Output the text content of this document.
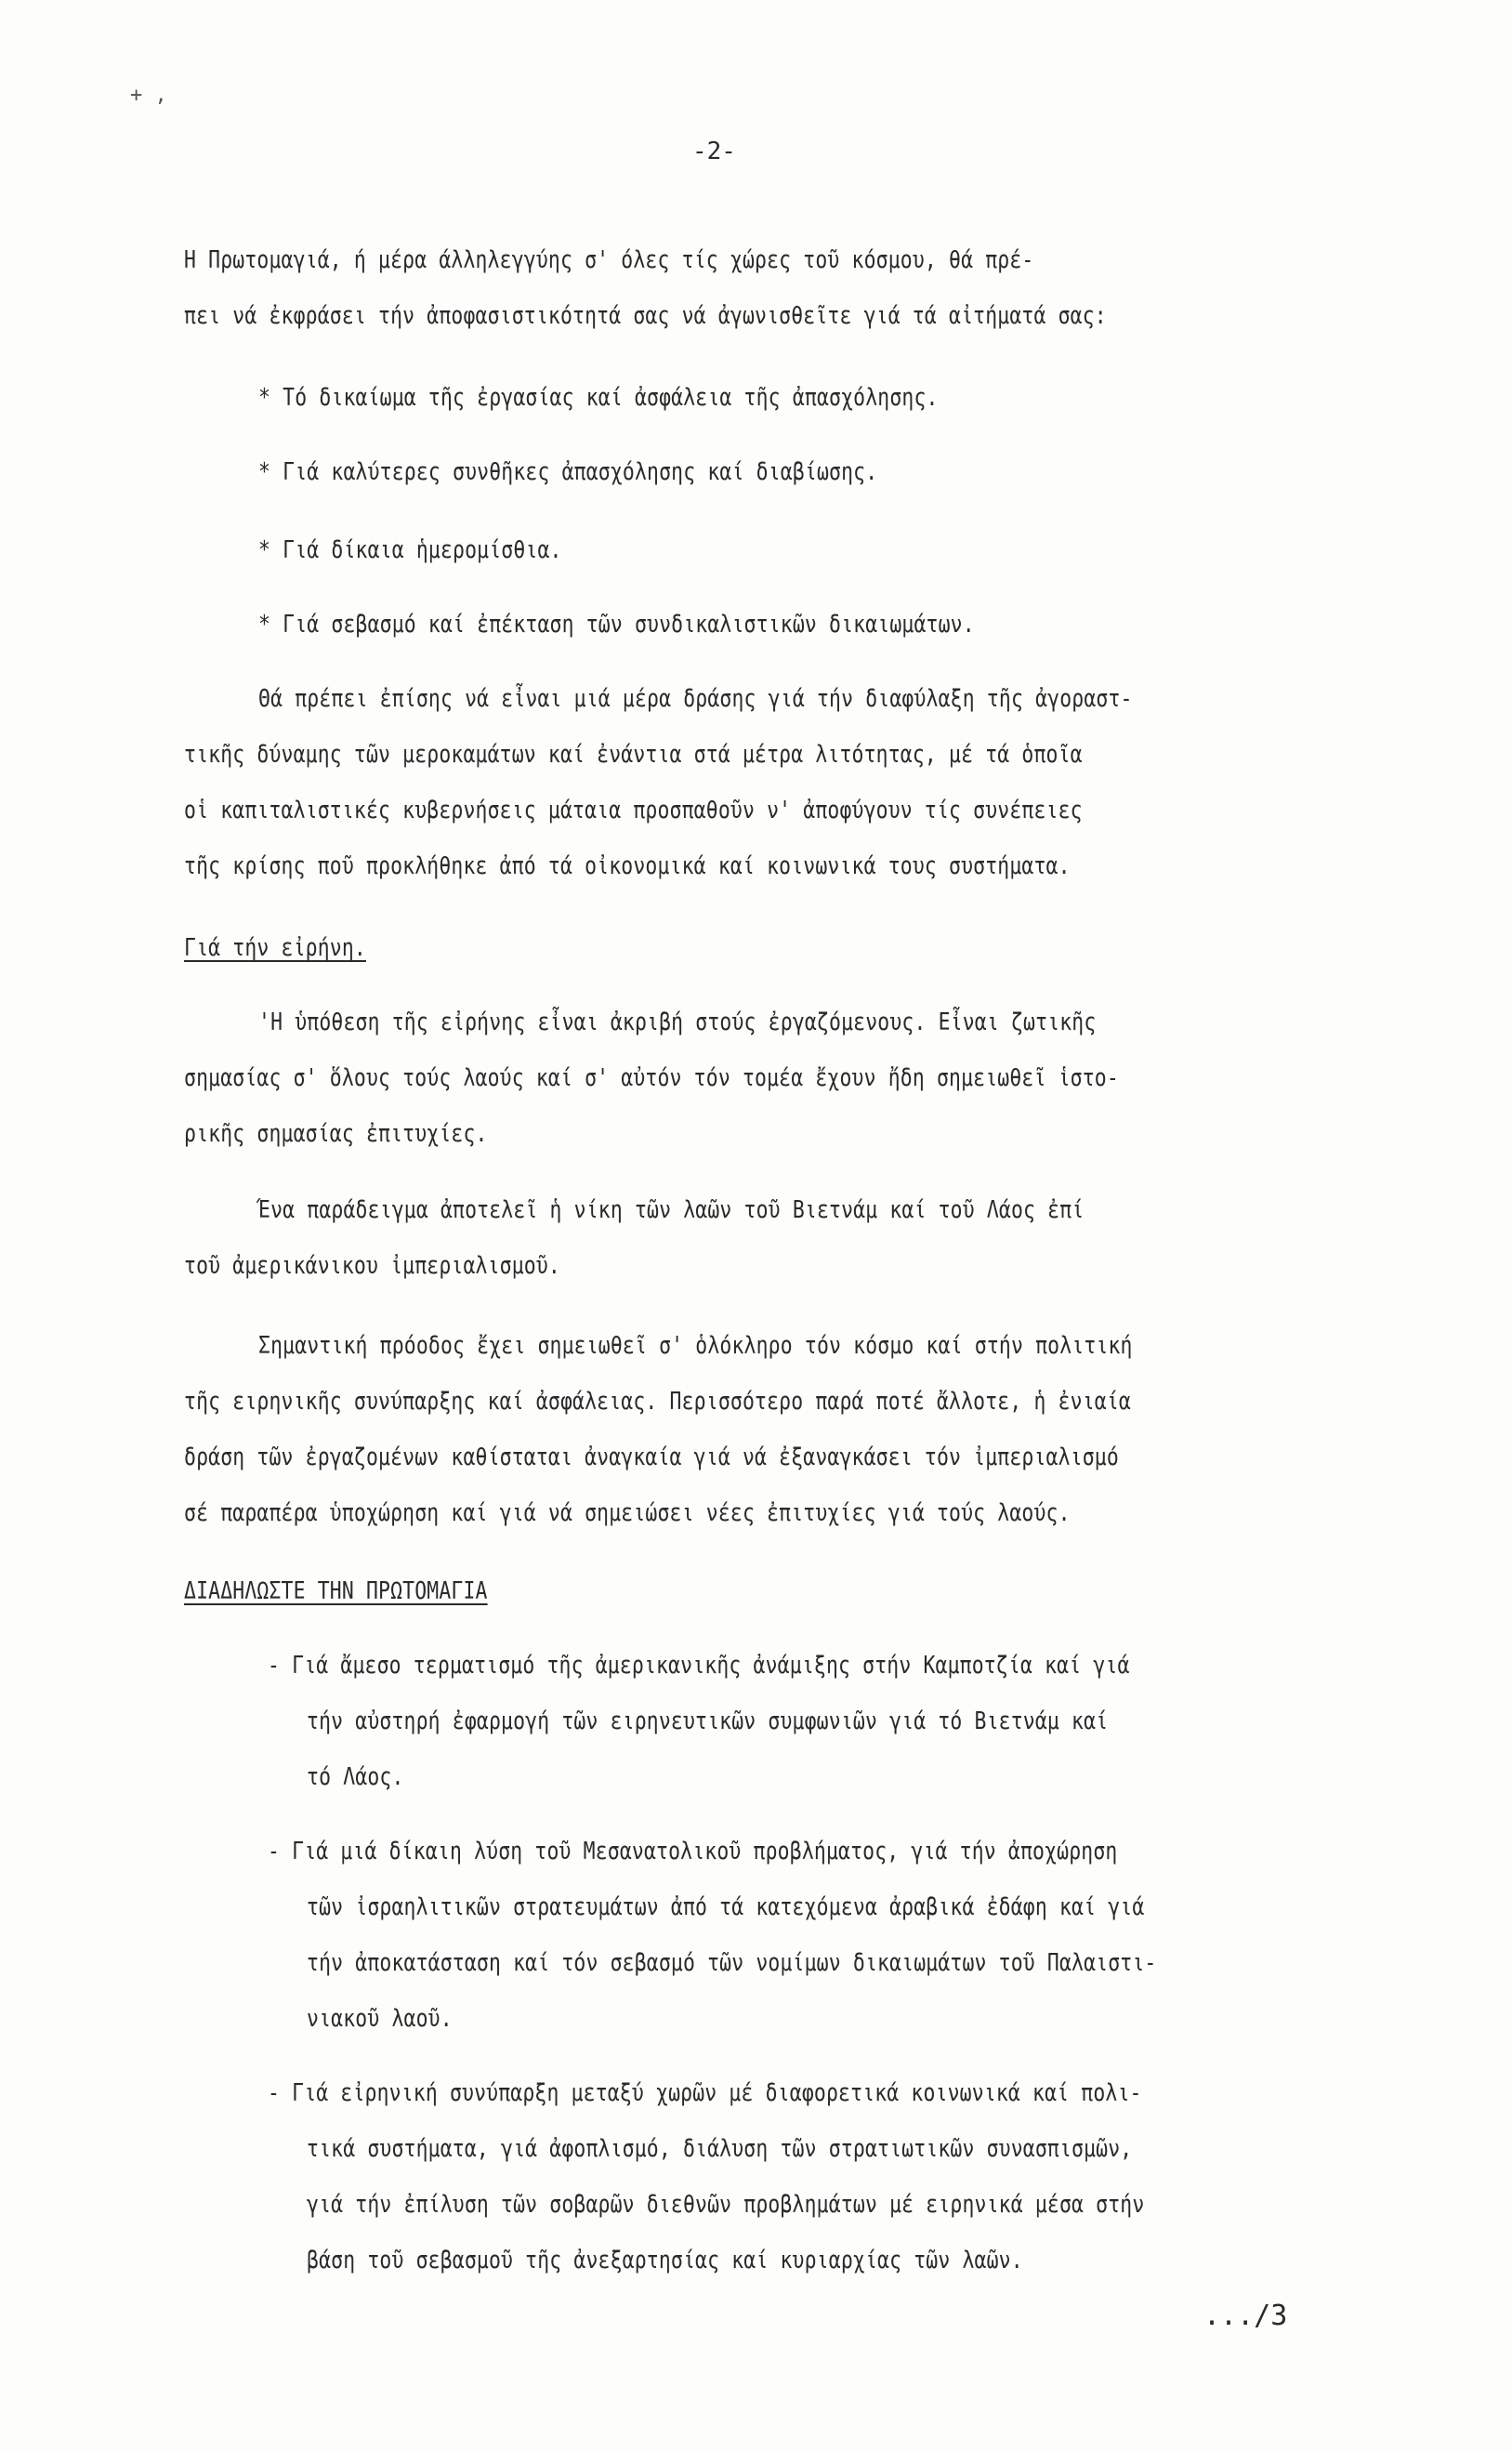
+ ,
-2-
Η Πρωτομαγιά, ή μέρα άλληλεγγύης σ' όλες τίς χώρες τοῦ κόσμου, θά πρέ-
πει νά ἐκφράσει τήν ἀποφασιστικότητά σας νά ἀγωνισθεῖτε γιά τά αἰτήματά σας:
* Τό δικαίωμα τῆς ἐργασίας καί ἀσφάλεια τῆς ἀπασχόλησης.
* Γιά καλύτερες συνθῆκες ἀπασχόλησης καί διαβίωσης.
* Γιά δίκαια ἡμερομίσθια.
* Γιά σεβασμό καί ἐπέκταση τῶν συνδικαλιστικῶν δικαιωμάτων.
Θά πρέπει ἐπίσης νά εἶναι μιά μέρα δράσης γιά τήν διαφύλαξη τῆς ἀγοραστ-
τικῆς δύναμης τῶν μεροκαμάτων καί ἐνάντια στά μέτρα λιτότητας, μέ τά ὁποῖα
οἱ καπιταλιστικές κυβερνήσεις μάταια προσπαθοῦν ν' ἀποφύγουν τίς συνέπειες
τῆς κρίσης ποῦ προκλήθηκε ἀπό τά οἰκονομικά καί κοινωνικά τους συστήματα.
Γιά τήν εἰρήνη.
'Η ὑπόθεση τῆς εἰρήνης εἶναι ἀκριβή στούς ἐργαζόμενους. Εἶναι ζωτικῆς
σημασίας σ' ὅλους τούς λαούς καί σ' αὐτόν τόν τομέα ἔχουν ἤδη σημειωθεῖ ἱστο-
ρικῆς σημασίας ἐπιτυχίες.
Ένα παράδειγμα ἀποτελεῖ ἡ νίκη τῶν λαῶν τοῦ Βιετνάμ καί τοῦ Λάος ἐπί
τοῦ ἀμερικάνικου ἰμπεριαλισμοῦ.
Σημαντική πρόοδος ἔχει σημειωθεῖ σ' ὁλόκληρο τόν κόσμο καί στήν πολιτική
τῆς ειρηνικῆς συνύπαρξης καί ἀσφάλειας. Περισσότερο παρά ποτέ ἄλλοτε, ἡ ἐνιαία
δράση τῶν ἐργαζομένων καθίσταται ἀναγκαία γιά νά ἐξαναγκάσει τόν ἰμπεριαλισμό
σέ παραπέρα ὑποχώρηση καί γιά νά σημειώσει νέες ἐπιτυχίες γιά τούς λαούς.
ΔΙΑΔΗΛΩΣΤΕ ΤΗΝ ΠΡΩΤΟΜΑΓΙΑ
- Γιά ἄμεσο τερματισμό τῆς ἀμερικανικῆς ἀνάμιξης στήν Καμποτζία καί γιά
τήν αὐστηρή ἐφαρμογή τῶν ειρηνευτικῶν συμφωνιῶν γιά τό Βιετνάμ καί
τό Λάος.
- Γιά μιά δίκαιη λύση τοῦ Μεσανατολικοῦ προβλήματος, γιά τήν ἀποχώρηση
τῶν ἰσραηλιτικῶν στρατευμάτων ἀπό τά κατεχόμενα ἀραβικά ἐδάφη καί γιά
τήν ἀποκατάσταση καί τόν σεβασμό τῶν νομίμων δικαιωμάτων τοῦ Παλαιστι-
νιακοῦ λαοῦ.
- Γιά εἰρηνική συνύπαρξη μεταξύ χωρῶν μέ διαφορετικά κοινωνικά καί πολι-
τικά συστήματα, γιά ἀφοπλισμό, διάλυση τῶν στρατιωτικῶν συνασπισμῶν,
γιά τήν ἐπίλυση τῶν σοβαρῶν διεθνῶν προβλημάτων μέ ειρηνικά μέσα στήν
βάση τοῦ σεβασμοῦ τῆς ἀνεξαρτησίας καί κυριαρχίας τῶν λαῶν.
.../3
